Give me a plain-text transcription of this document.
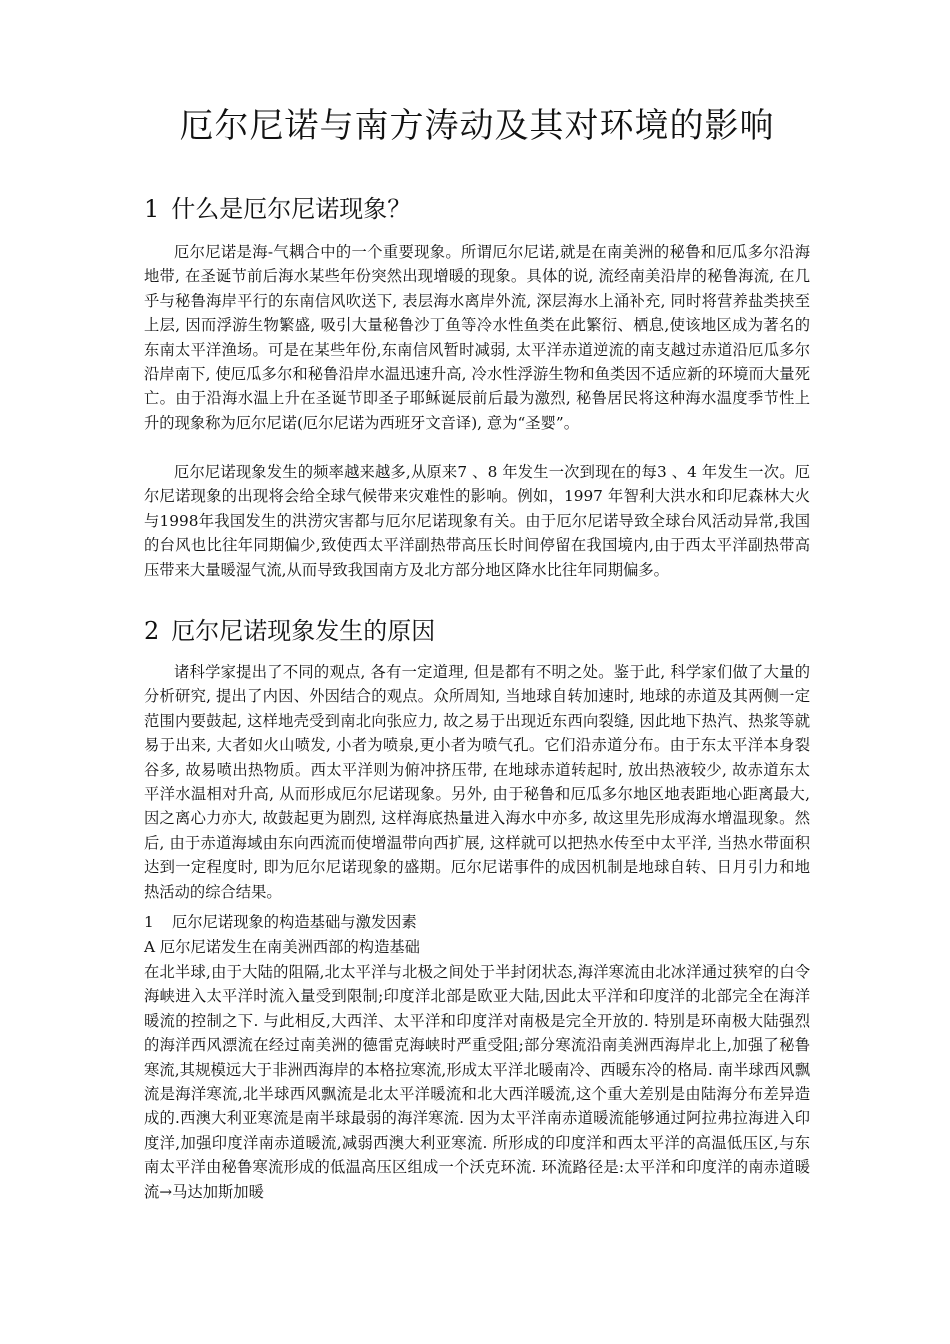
厄尔尼诺与南方涛动及其对环境的影响
1 什么是厄尔尼诺现象？

厄尔尼诺是海-气耦合中的一个重要现象。所谓厄尔尼诺,就是在南美洲的秘鲁和厄瓜多尔沿海地带, 在圣诞节前后海水某些年份突然出现增暖的现象。具体的说, 流经南美沿岸的秘鲁海流, 在几乎与秘鲁海岸平行的东南信风吹送下, 表层海水离岸外流, 深层海水上涌补充, 同时将营养盐类挟至上层, 因而浮游生物繁盛, 吸引大量秘鲁沙丁鱼等冷水性鱼类在此繁衍、栖息,使该地区成为著名的东南太平洋渔场。可是在某些年份,东南信风暂时减弱, 太平洋赤道逆流的南支越过赤道沿厄瓜多尔沿岸南下, 使厄瓜多尔和秘鲁沿岸水温迅速升高, 冷水性浮游生物和鱼类因不适应新的环境而大量死亡。由于沿海水温上升在圣诞节即圣子耶稣诞辰前后最为激烈, 秘鲁居民将这种海水温度季节性上升的现象称为厄尔尼诺(厄尔尼诺为西班牙文音译), 意为“圣婴”。

厄尔尼诺现象发生的频率越来越多,从原来7 、8 年发生一次到现在的每3 、4 年发生一次。厄尔尼诺现象的出现将会给全球气候带来灾难性的影响。例如，1997 年智利大洪水和印尼森林大火与1998年我国发生的洪涝灾害都与厄尔尼诺现象有关。由于厄尔尼诺导致全球台风活动异常,我国的台风也比往年同期偏少,致使西太平洋副热带高压长时间停留在我国境内,由于西太平洋副热带高压带来大量暖湿气流,从而导致我国南方及北方部分地区降水比往年同期偏多。

2 厄尔尼诺现象发生的原因

诸科学家提出了不同的观点, 各有一定道理, 但是都有不明之处。鉴于此, 科学家们做了大量的分析研究, 提出了内因、外因结合的观点。众所周知, 当地球自转加速时, 地球的赤道及其两侧一定范围内要鼓起, 这样地壳受到南北向张应力, 故之易于出现近东西向裂缝, 因此地下热汽、热浆等就易于出来, 大者如火山喷发, 小者为喷泉,更小者为喷气孔。它们沿赤道分布。由于东太平洋本身裂谷多, 故易喷出热物质。西太平洋则为俯冲挤压带, 在地球赤道转起时, 放出热液较少, 故赤道东太平洋水温相对升高, 从而形成厄尔尼诺现象。另外, 由于秘鲁和厄瓜多尔地区地表距地心距离最大, 因之离心力亦大, 故鼓起更为剧烈, 这样海底热量进入海水中亦多, 故这里先形成海水增温现象。然后, 由于赤道海域由东向西流而使增温带向西扩展, 这样就可以把热水传至中太平洋, 当热水带面积达到一定程度时, 即为厄尔尼诺现象的盛期。厄尔尼诺事件的成因机制是地球自转、日月引力和地热活动的综合结果。

1 厄尔尼诺现象的构造基础与激发因素

A 厄尔尼诺发生在南美洲西部的构造基础

在北半球,由于大陆的阻隔,北太平洋与北极之间处于半封闭状态,海洋寒流由北冰洋通过狭窄的白令海峡进入太平洋时流入量受到限制;印度洋北部是欧亚大陆,因此太平洋和印度洋的北部完全在海洋暖流的控制之下. 与此相反,大西洋、太平洋和印度洋对南极是完全开放的. 特别是环南极大陆强烈的海洋西风漂流在经过南美洲的德雷克海峡时严重受阻;部分寒流沿南美洲西海岸北上,加强了秘鲁寒流,其规模远大于非洲西海岸的本格拉寒流,形成太平洋北暖南冷、西暖东冷的格局. 南半球西风飘流是海洋寒流,北半球西风飘流是北太平洋暖流和北大西洋暖流,这个重大差别是由陆海分布差异造成的.西澳大利亚寒流是南半球最弱的海洋寒流. 因为太平洋南赤道暖流能够通过阿拉弗拉海进入印度洋,加强印度洋南赤道暖流,减弱西澳大利亚寒流. 所形成的印度洋和西太平洋的高温低压区,与东南太平洋由秘鲁寒流形成的低温高压区组成一个沃克环流. 环流路径是:太平洋和印度洋的南赤道暖流→马达加斯加暖
